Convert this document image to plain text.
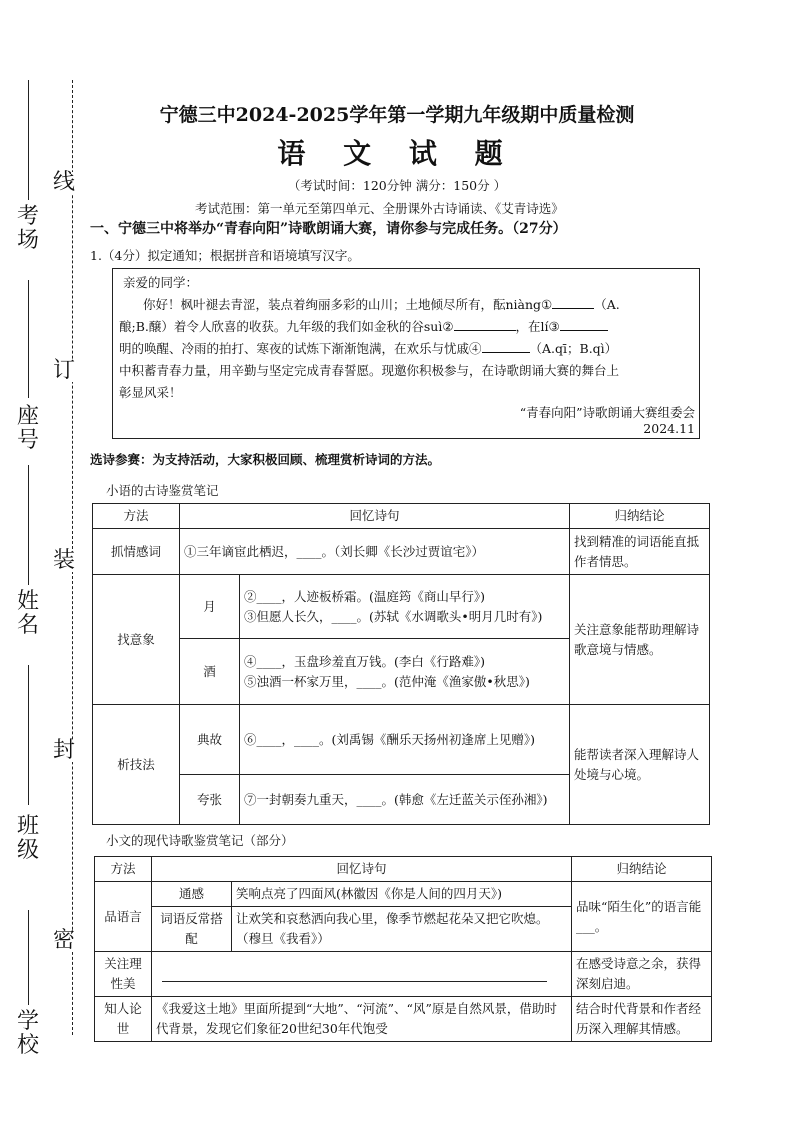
学校
班级
姓名
座号
考场
密
封
装
订
线
宁德三中2024-2025学年第一学期九年级期中质量检测
语 文 试 题
（考试时间：120分钟 满分：150分 ）
考试范围：第一单元至第四单元、全册课外古诗诵读、《艾青诗选》
一、宁德三中将举办“青春向阳”诗歌朗诵大赛，请你参与完成任务。（27分）
1.（4分）拟定通知；根据拼音和语境填写汉字。
亲爱的同学：
你好！枫叶褪去青涩，装点着绚丽多彩的山川；土地倾尽所有，酝niàng①	（A.
酿;B.醸）着令人欣喜的收获。九年级的我们如金秋的谷suì②	，在lí③
明的唤醒、冷雨的拍打、寒夜的试炼下渐渐饱满，在欢乐与忧戚④	（A.qī；B.qì）
中积蓄青春力量，用辛勤与坚定完成青春誓愿。现邀你积极参与，在诗歌朗诵大赛的舞台上
彰显风采！
“青春向阳”诗歌朗诵大赛组委会
2024.11
选诗参赛：为支持活动，大家积极回顾、梳理赏析诗词的方法。
小语的古诗鉴赏笔记
方法	回忆诗句		归纳结论
抓情感词	①三年谪宦此栖迟，____。（刘长卿《长沙过贾谊宅》）		找到精准的词语能直抵作者情思。
找意象	月	②____，人迹板桥霜。(温庭筠《商山早行》)
③但愿人长久，____。(苏轼《水调歌头•明月几时有》)	关注意象能帮助理解诗歌意境与情感。
	酒	④____，玉盘珍羞直万钱。(李白《行路难》)
⑤浊酒一杯家万里，____。(范仲淹《渔家傲•秋思》)	

析技法	典故	⑥____，____。(刘禹锡《酬乐天扬州初逢席上见赠》)	能帮读者深入理解诗人处境与心境。
	夸张	⑦一封朝奏九重天，____。(韩愈《左迁蓝关示侄孙湘》)	
小文的现代诗歌鉴赏笔记（部分）
方法	回忆诗句		归纳结论
品语言	通感	笑响点亮了四面风(林徽因《你是人间的四月天》)	品味“陌生化”的语言能___。
	词语反常搭配	让欢笑和哀愁洒向我心里，像季节燃起花朵又把它吹熄。（穆旦《我看》）	
关注理性美			在感受诗意之余，获得深刻启迪。
知人论世	《我爱这土地》里面所提到“大地”、“河流”、“风”原是自然风景，借助时代背景，发现它们象征20世纪30年代饱受		结合时代背景和作者经历深入理解其情感。
